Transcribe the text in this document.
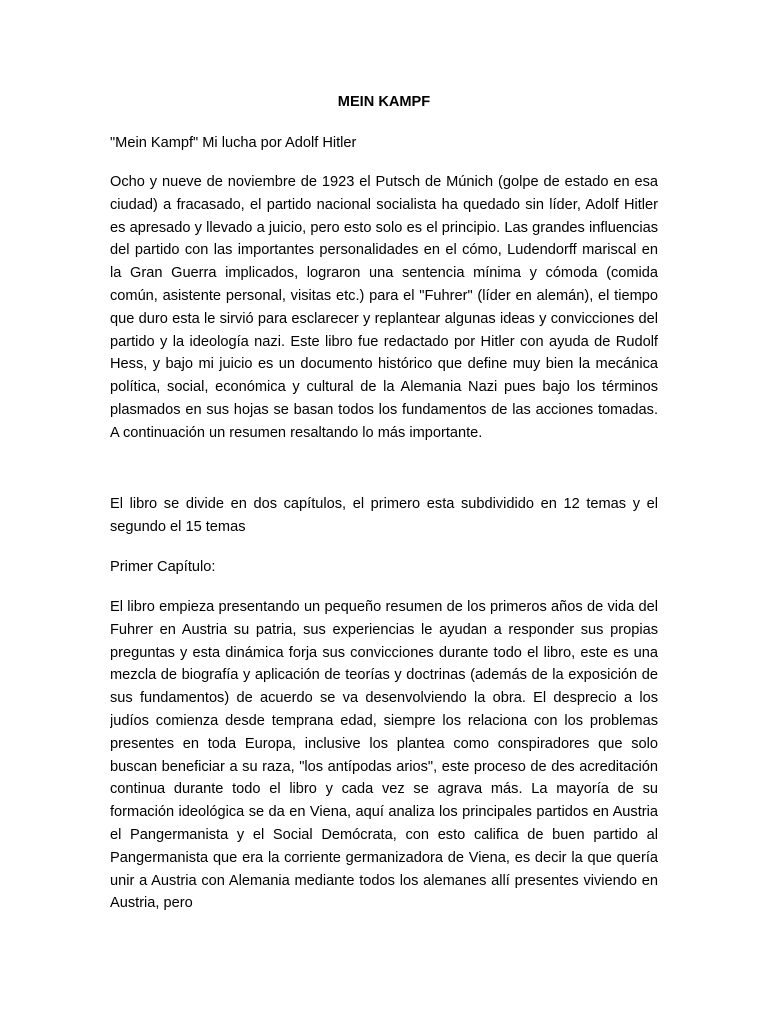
MEIN KAMPF

"Mein Kampf" Mi lucha por Adolf Hitler

Ocho y nueve de noviembre de 1923 el Putsch de Múnich (golpe de estado en esa ciudad) a fracasado, el partido nacional socialista ha quedado sin líder, Adolf Hitler es apresado y llevado a juicio, pero esto solo es el principio. Las grandes influencias del partido con las importantes personalidades en el cómo, Ludendorff mariscal en la Gran Guerra implicados, lograron una sentencia mínima y cómoda (comida común, asistente personal, visitas etc.) para el "Fuhrer" (líder en alemán), el tiempo que duro esta le sirvió para esclarecer y replantear algunas ideas y convicciones del partido y la ideología nazi. Este libro fue redactado por Hitler con ayuda de Rudolf Hess, y bajo mi juicio es un documento histórico que define muy bien la mecánica política, social, económica y cultural de la Alemania Nazi pues bajo los términos plasmados en sus hojas se basan todos los fundamentos de las acciones tomadas. A continuación un resumen resaltando lo más importante.

El libro se divide en dos capítulos, el primero esta subdividido en 12 temas y el segundo el 15 temas

Primer Capítulo:

El libro empieza presentando un pequeño resumen de los primeros años de vida del Fuhrer en Austria su patria, sus experiencias le ayudan a responder sus propias preguntas y esta dinámica forja sus convicciones durante todo el libro, este es una mezcla de biografía y aplicación de teorías y doctrinas (además de la exposición de sus fundamentos) de acuerdo se va desenvolviendo la obra. El desprecio a los judíos comienza desde temprana edad, siempre los relaciona con los problemas presentes en toda Europa, inclusive los plantea como conspiradores que solo buscan beneficiar a su raza, "los antípodas arios", este proceso de des acreditación continua durante todo el libro y cada vez se agrava más. La mayoría de su formación ideológica se da en Viena, aquí analiza los principales partidos en Austria el Pangermanista y el Social Demócrata, con esto califica de buen partido al Pangermanista que era la corriente germanizadora de Viena, es decir la que quería unir a Austria con Alemania mediante todos los alemanes allí presentes viviendo en Austria, pero
